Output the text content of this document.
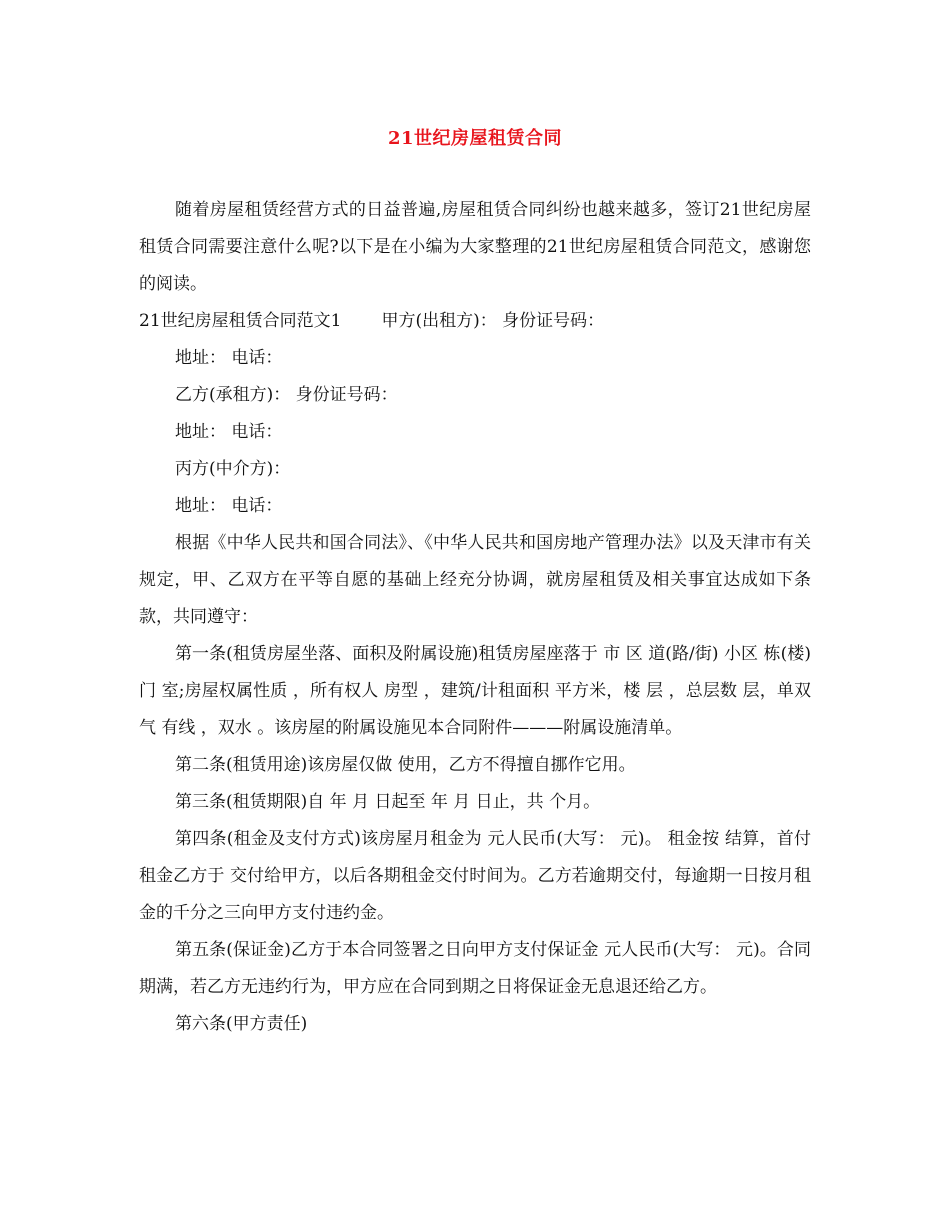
21世纪房屋租赁合同

随着房屋租赁经营方式的日益普遍,房屋租赁合同纠纷也越来越多，签订21世纪房屋租赁合同需要注意什么呢?以下是在小编为大家整理的21世纪房屋租赁合同范文，感谢您的阅读。

21世纪房屋租赁合同范文1 甲方(出租方)： 身份证号码：

地址： 电话：

乙方(承租方)： 身份证号码：

地址： 电话：

丙方(中介方)：

地址： 电话：

根据《中华人民共和国合同法》、《中华人民共和国房地产管理办法》以及天津市有关规定，甲、乙双方在平等自愿的基础上经充分协调，就房屋租赁及相关事宜达成如下条款，共同遵守：

第一条(租赁房屋坐落、面积及附属设施)租赁房屋座落于 市 区 道(路/街) 小区 栋(楼) 门 室;房屋权属性质 ，所有权人 房型 ，建筑/计租面积 平方米，楼 层 ，总层数 层，单双气 有线 ，双水 。该房屋的附属设施见本合同附件———附属设施清单。

第二条(租赁用途)该房屋仅做 使用，乙方不得擅自挪作它用。

第三条(租赁期限)自 年 月 日起至 年 月 日止，共 个月。

第四条(租金及支付方式)该房屋月租金为 元人民币(大写： 元)。 租金按 结算，首付租金乙方于 交付给甲方，以后各期租金交付时间为。乙方若逾期交付，每逾期一日按月租金的千分之三向甲方支付违约金。

第五条(保证金)乙方于本合同签署之日向甲方支付保证金 元人民币(大写： 元)。合同期满，若乙方无违约行为，甲方应在合同到期之日将保证金无息退还给乙方。

第六条(甲方责任)
